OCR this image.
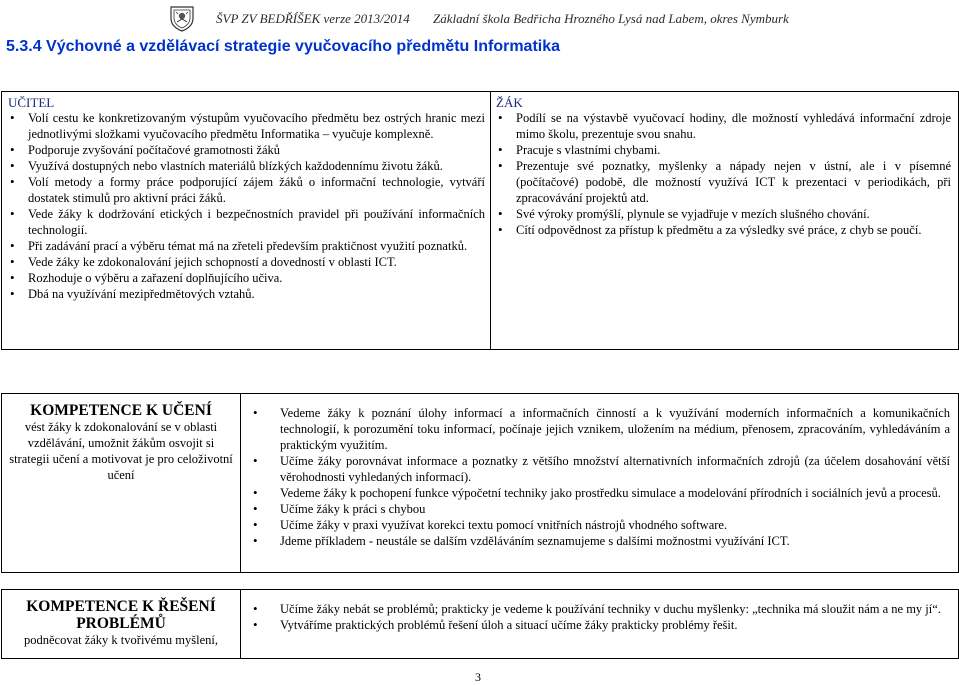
ŠVP ZV BEDŘÍŠEK verze 2013/2014 Základní škola Bedřicha Hrozného Lysá nad Labem, okres Nymburk
5.3.4 Výchovné a vzdělávací strategie vyučovacího předmětu Informatika
UČITEL
• Volí cestu ke konkretizovaným výstupům vyučovacího předmětu bez ostrých hranic mezi jednotlivými složkami vyučovacího předmětu Informatika – vyučuje komplexně.
• Podporuje zvyšování počítačové gramotnosti žáků
• Využívá dostupných nebo vlastních materiálů blízkých každodennímu životu žáků.
• Volí metody a formy práce podporující zájem žáků o informační technologie, vytváří dostatek stimulů pro aktivní práci žáků.
• Vede žáky k dodržování etických i bezpečnostních pravidel při používání informačních technologií.
• Při zadávání prací a výběru témat má na zřeteli především praktičnost využití poznatků.
• Vede žáky ke zdokonalování jejich schopností a dovedností v oblasti ICT.
• Rozhoduje o výběru a zařazení doplňujícího učiva.
• Dbá na využívání mezipředmětových vztahů.

ŽÁK
• Podílí se na výstavbě vyučovací hodiny, dle možností vyhledává informační zdroje mimo školu, prezentuje svou snahu.
• Pracuje s vlastními chybami.
• Prezentuje své poznatky, myšlenky a nápady nejen v ústní, ale i v písemné (počítačové) podobě, dle možností využívá ICT k prezentaci v periodikách, při zpracovávání projektů atd.
• Své výroky promýšlí, plynule se vyjadřuje v mezích slušného chování.
• Cítí odpovědnost za přístup k předmětu a za výsledky své práce, z chyb se poučí.
KOMPETENCE K UČENÍ
vést žáky k zdokonalování se v oblasti vzdělávání, umožnit žákům osvojit si strategii učení a motivovat je pro celoživotní učení

• Vedeme žáky k poznání úlohy informací a informačních činností a k využívání moderních informačních a komunikačních technologií, k porozumění toku informací, počínaje jejich vznikem, uložením na médium, přenosem, zpracováním, vyhledáváním a praktickým využitím.
• Učíme žáky porovnávat informace a poznatky z většího množství alternativních informačních zdrojů (za účelem dosahování větší věrohodnosti vyhledaných informací).
• Vedeme žáky k pochopení funkce výpočetní techniky jako prostředku simulace a modelování přírodních i sociálních jevů a procesů.
• Učíme žáky k práci s chybou
• Učíme žáky v praxi využívat korekci textu pomocí vnitřních nástrojů vhodného software.
• Jdeme příkladem - neustále se dalším vzděláváním seznamujeme s dalšími možnostmi využívání ICT.
KOMPETENCE K ŘEŠENÍ PROBLÉMŮ
podněcovat žáky k tvořivému myšlení,

• Učíme žáky nebát se problémů; prakticky je vedeme k používání techniky v duchu myšlenky: „technika má sloužit nám a ne my jí“.
• Vytváříme praktických problémů řešení úloh a situací učíme žáky prakticky problémy řešit.
3
